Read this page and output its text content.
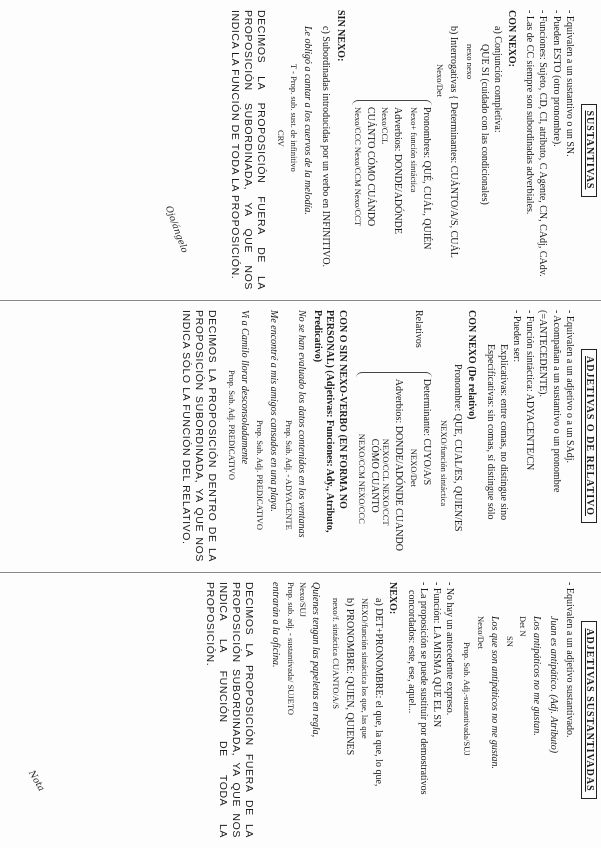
SUSTANTIVAS
- Equivalen a un sustantivo o un SN.
- Pueden ESTO (otro pronombre).
- Funciones: Sujeto, CD, CI, atributo, C Agente, CN, CAdj, CAdv.
- Las de CC siempre son subordinadas adverbiales.
CON NEXO:
a) Conjunción completiva:
QUE SI (cuidado con las condicionales)
nexo nexo
b) Interrogativas { Determinantes: CUÁNTO/A/S, CUÁL
Nexo/Det
Pronombres: QUÉ, CUÁL, QUIÉN
Nexo+ función sintáctica
Adverbios: DONDE/ADÓNDE
Nexo/CCL
CUÁNTO CÓMO CUÁNDO
Nexo/CCC Nexo/CCM Nexo/CCT
SIN NEXO:
c) Subordinadas introducidas por un verbo en INFINITIVO.
Le obligó a cantar a los cuervos de la melodía.
T - Prop. sub. sust. de infinitivo
CRV
DECIMOS LA PROPOSICIÓN FUERA DE LA PROPOSICIÓN SUBORDINADA, YA QUE NOS INDICA LA FUNCIÓN DE TODA LA PROPOSICIÓN.
ADJETIVAS O DE RELATIVO
- Equivalen a un adjetivo o a un SAdj.
- Acompañan a un sustantivo o un pronombre
(=ANTECEDENTE).
- Función sintáctica: ADYACENTE/CN
- Pueden ser:
Explicativas: entre comas, no distingue sino
Especificativas: sin comas, sí distingue sólo
CON NEXO (De relativo)
Pronombre: QUE, CUAL/ES, QUIEN/ES
NEXO/función sintáctica
Relativos
Determinante: CUYO/A/S
NEXO/Det
Adverbios: DONDE/ADÓNDE CUANDO
NEXO/CCL NEXO/CCT
CÓMO CUANTO
NEXO/CCM NEXO/CCC
CON O SIN NEXO-VERBO (EN FORMA NO PERSONAL) (Adjetivas: Funciones: Ady., Atributo, Predicativo)
No se han evaluado los datos contenidos en los ventanas
Prop. Sub. Adj. - ADYACENTE
Me encontré a mis amigos cansados en una playa.
Prop. Sub. Adj. PREDICATIVO
Vi a Camilo llorar desconsoladamente
Prop. Sub. Adj. PREDICATIVO
DECIMOS LA PROPOSICIÓN DENTRO DE LA PROPOSICIÓN SUBORDINADA, YA QUE NOS INDICA SÓLO LA FUNCIÓN DEL RELATIVO.
ADJETIVAS SUSTANTIVADAS
- Equivalen a un adjetivo sustantivado.
Juan es antipático. (Adj. Atributo)
Los antipáticos no me gustan.
Det N
SN
Los que son antipáticos no me gustan.
Nexo/Det
Prop. Sub. Adj.-sustantivada/SUJ
- No hay un antecedente expreso.
- Función: LA MISMA QUE EL SN
- La proposición se puede sustituir por demostrativos concordados: este, ese, aquel...
NEXO:
a) DET+PRONOMBRE: el que, la que, lo que,
NEXO/función sintáctica los que, las que
b) PRONOMBRE: QUIEN, QUIENES
nexo/f. sintáctica CUANTO/A/S
Quienes tengan las papeletas en regla,
Nexo/SUJ
Prop. sub. adj. - sustantivada/ SUJETO
entrarán a la oficina.
DECIMOS LA PROPOSICIÓN FUERA DE LA PROPOSICIÓN SUBORDINADA, YA QUE NOS INDICA LA FUNCIÓN DE TODA LA PROPOSICIÓN.
Ojo/ángelo
Nota
